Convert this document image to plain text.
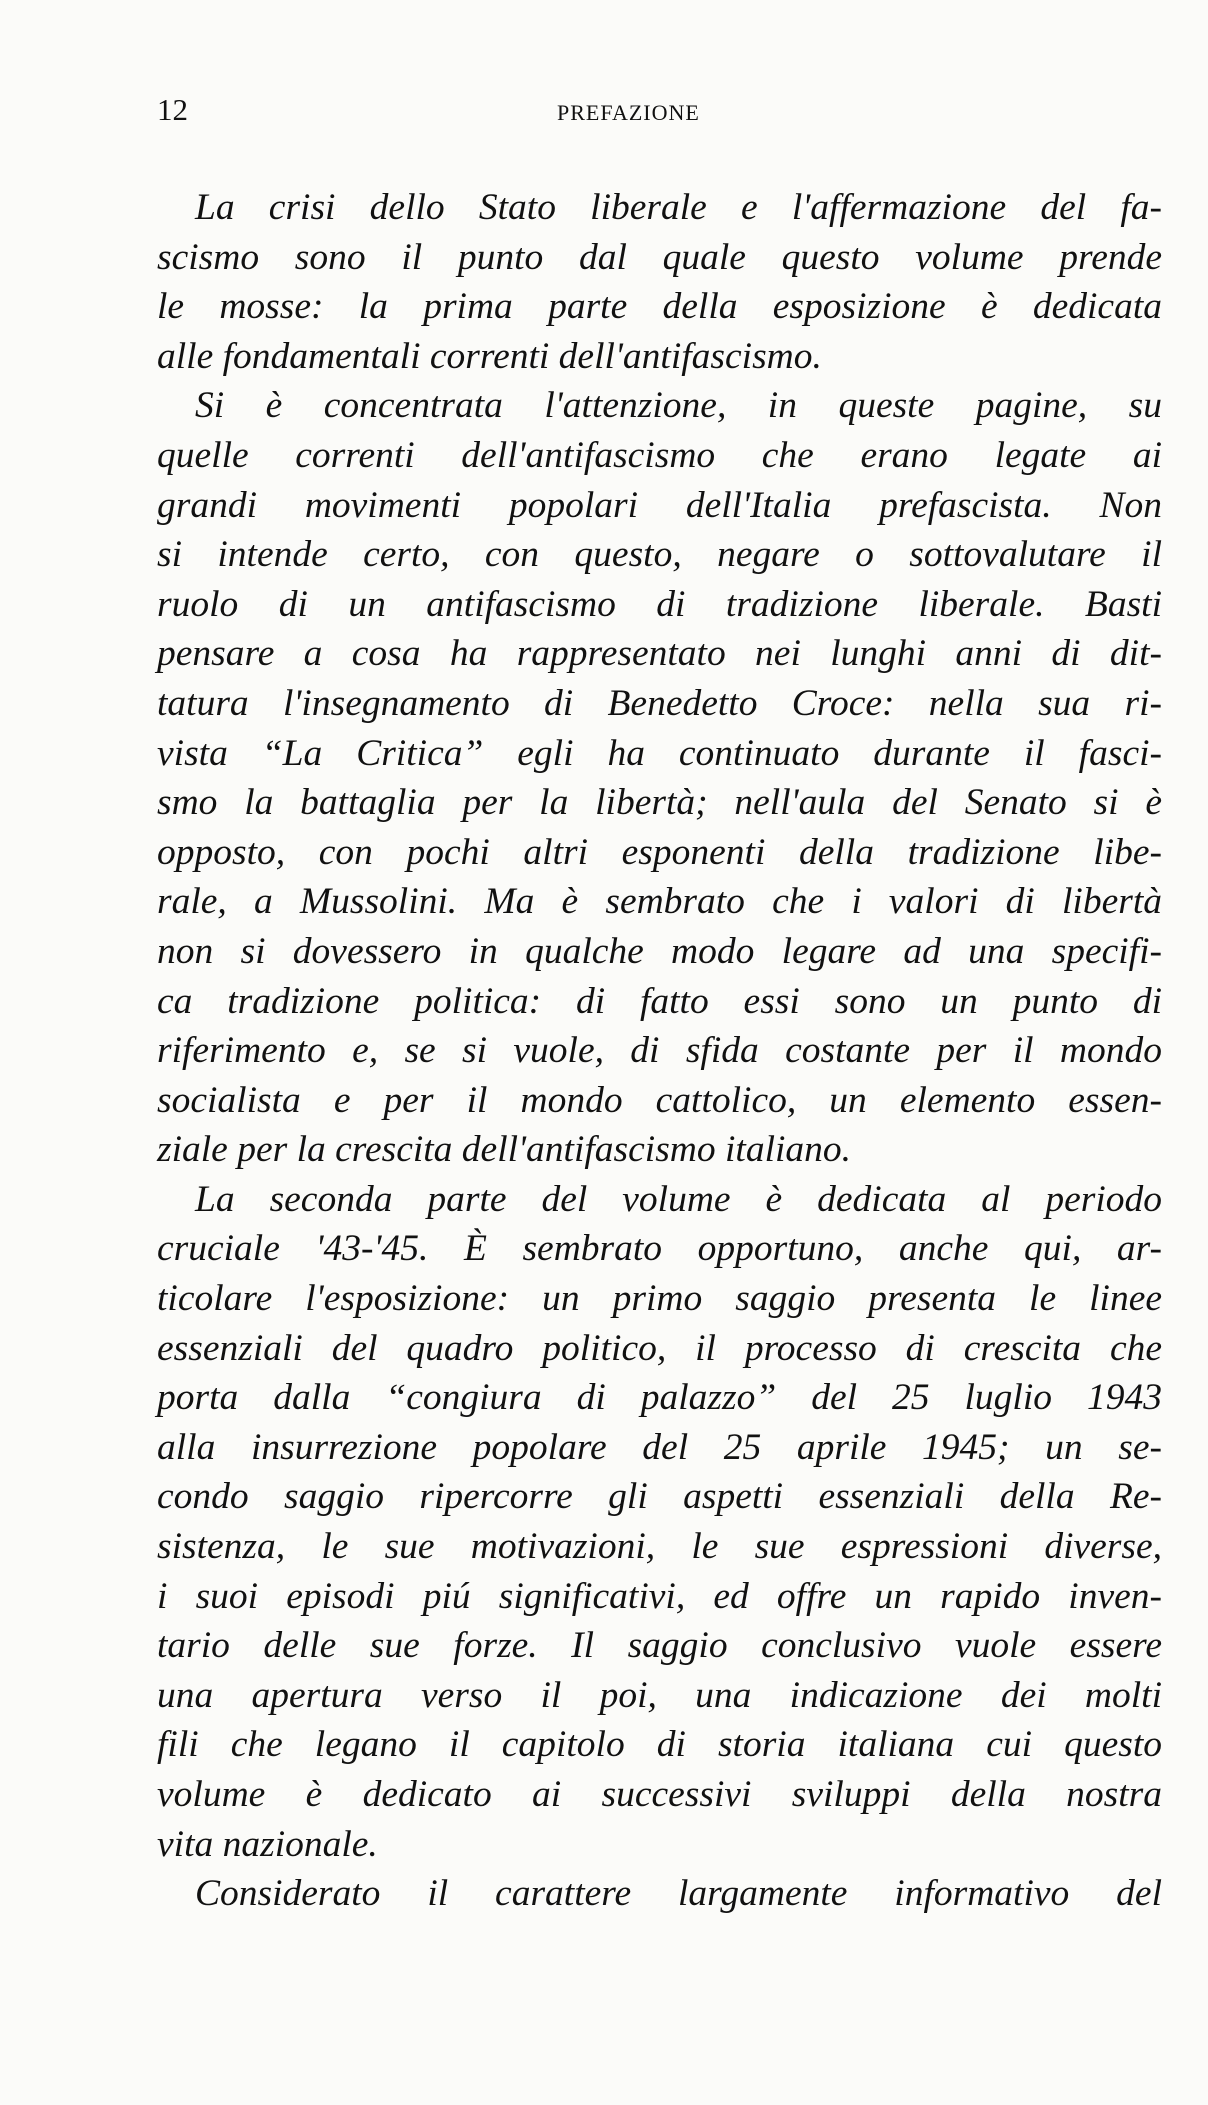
12	PREFAZIONE
La crisi dello Stato liberale e l'affermazione del fa-
scismo sono il punto dal quale questo volume prende
le mosse: la prima parte della esposizione è dedicata
alle fondamentali correnti dell'antifascismo.
Si è concentrata l'attenzione, in queste pagine, su
quelle correnti dell'antifascismo che erano legate ai
grandi movimenti popolari dell'Italia prefascista. Non
si intende certo, con questo, negare o sottovalutare il
ruolo di un antifascismo di tradizione liberale. Basti
pensare a cosa ha rappresentato nei lunghi anni di dit-
tatura l'insegnamento di Benedetto Croce: nella sua ri-
vista “La Critica” egli ha continuato durante il fasci-
smo la battaglia per la libertà; nell'aula del Senato si è
opposto, con pochi altri esponenti della tradizione libe-
rale, a Mussolini. Ma è sembrato che i valori di libertà
non si dovessero in qualche modo legare ad una specifi-
ca tradizione politica: di fatto essi sono un punto di
riferimento e, se si vuole, di sfida costante per il mondo
socialista e per il mondo cattolico, un elemento essen-
ziale per la crescita dell'antifascismo italiano.
La seconda parte del volume è dedicata al periodo
cruciale '43-'45. È sembrato opportuno, anche qui, ar-
ticolare l'esposizione: un primo saggio presenta le linee
essenziali del quadro politico, il processo di crescita che
porta dalla “congiura di palazzo” del 25 luglio 1943
alla insurrezione popolare del 25 aprile 1945; un se-
condo saggio ripercorre gli aspetti essenziali della Re-
sistenza, le sue motivazioni, le sue espressioni diverse,
i suoi episodi piú significativi, ed offre un rapido inven-
tario delle sue forze. Il saggio conclusivo vuole essere
una apertura verso il poi, una indicazione dei molti
fili che legano il capitolo di storia italiana cui questo
volume è dedicato ai successivi sviluppi della nostra
vita nazionale.
Considerato il carattere largamente informativo del
